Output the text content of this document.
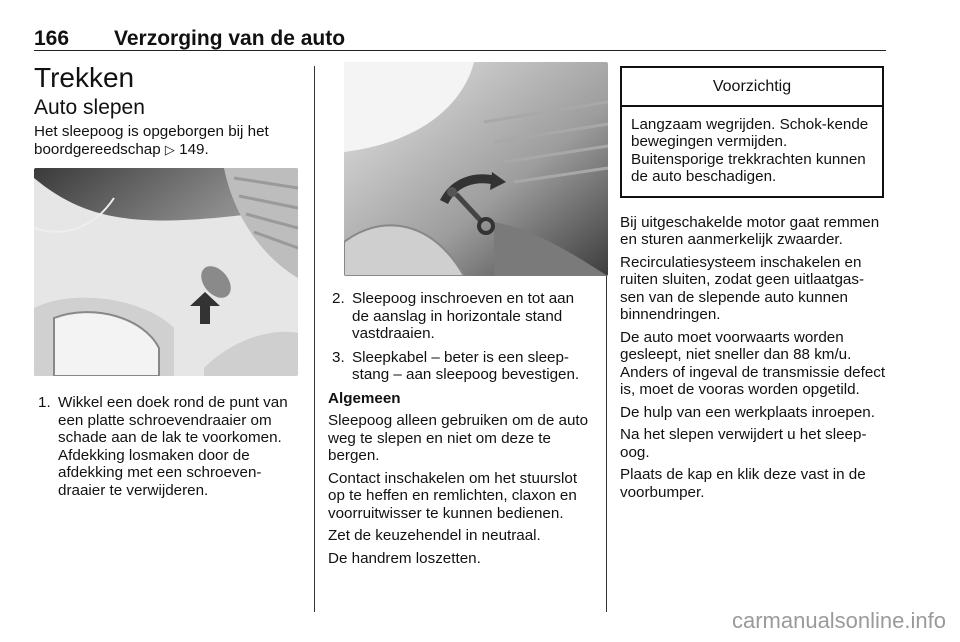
166 Verzorging van de auto
Trekken
Auto slepen

Het sleepoog is opgeborgen bij het boordgereedschap ▷ 149.

1. Wikkel een doek rond de punt van een platte schroevendraaier om schade aan de lak te voorkomen. Afdekking losmaken door de afdekking met een schroeven-draaier te verwijderen.
2. Sleepoog inschroeven en tot aan de aanslag in horizontale stand vastdraaien.
3. Sleepkabel – beter is een sleep-stang – aan sleepoog bevestigen.

Algemeen

Sleepoog alleen gebruiken om de auto weg te slepen en niet om deze te bergen.

Contact inschakelen om het stuurslot op te heffen en remlichten, claxon en voorruitwisser te kunnen bedienen.

Zet de keuzehendel in neutraal.

De handrem loszetten.

Voorzichtig
Langzaam wegrijden. Schok-kende bewegingen vermijden. Buitensporige trekkrachten kunnen de auto beschadigen.

Bij uitgeschakelde motor gaat remmen en sturen aanmerkelijk zwaarder.

Recirculatiesysteem inschakelen en ruiten sluiten, zodat geen uitlaatgas-sen van de slepende auto kunnen binnendringen.

De auto moet voorwaarts worden gesleept, niet sneller dan 88 km/u. Anders of ingeval de transmissie defect is, moet de vooras worden opgetild.

De hulp van een werkplaats inroepen.

Na het slepen verwijdert u het sleep-oog.

Plaats de kap en klik deze vast in de voorbumper.

carmanualsonline.info
